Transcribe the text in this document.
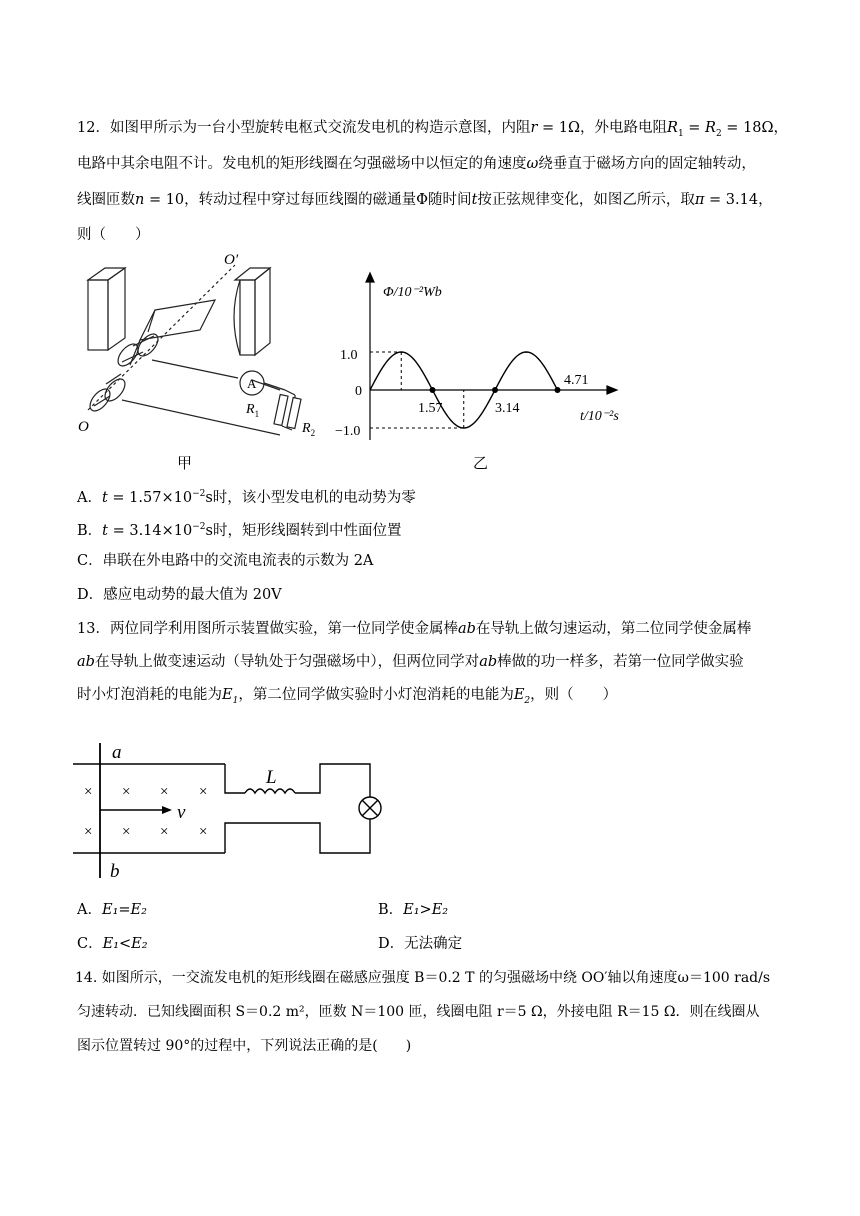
12．如图甲所示为一台小型旋转电枢式交流发电机的构造示意图，内阻r = 1Ω，外电路电阻$R_1 = R_2 = 18\Omega$，
电路中其余电阻不计。发电机的矩形线圈在匀强磁场中以恒定的角速度ω绕垂直于磁场方向的固定轴转动，
线圈匝数n = 10，转动过程中穿过每匝线圈的磁通量Φ随时间t按正弦规律变化，如图乙所示，取π = 3.14，
则（　　）
O
O′
A
$R_1$
$R_2$
甲
Φ/10⁻²Wb
t/10⁻²s
1.0
0
−1.0
1.57	3.14
4.71
乙
A．$t = 1.57\times 10^{-2}s$时，该小型发电机的电动势为零
B．$t = 3.14\times 10^{-2}s$时，矩形线圈转到中性面位置
C．串联在外电路中的交流电流表的示数为 2A
D．感应电动势的最大值为 20V
13．两位同学利用图所示装置做实验，第一位同学使金属棒ab在导轨上做匀速运动，第二位同学使金属棒
ab在导轨上做变速运动（导轨处于匀强磁场中），但两位同学对ab棒做的功一样多，若第一位同学做实验
时小灯泡消耗的电能为$E_1$，第二位同学做实验时小灯泡消耗的电能为$E_2$，则（　　）
a
b
L
v
× × × ×
× × × ×
A．E₁=E₂	B．E₁>E₂
C．E₁<E₂	D．无法确定
14. 如图所示，一交流发电机的矩形线圈在磁感应强度 B＝0.2 T 的匀强磁场中绕 OO′轴以角速度ω＝100 rad/s
匀速转动．已知线圈面积 S＝0.2 m²，匝数 N＝100 匝，线圈电阻 r＝5 Ω，外接电阻 R＝15 Ω．则在线圈从
图示位置转过 90°的过程中，下列说法正确的是(　　)
